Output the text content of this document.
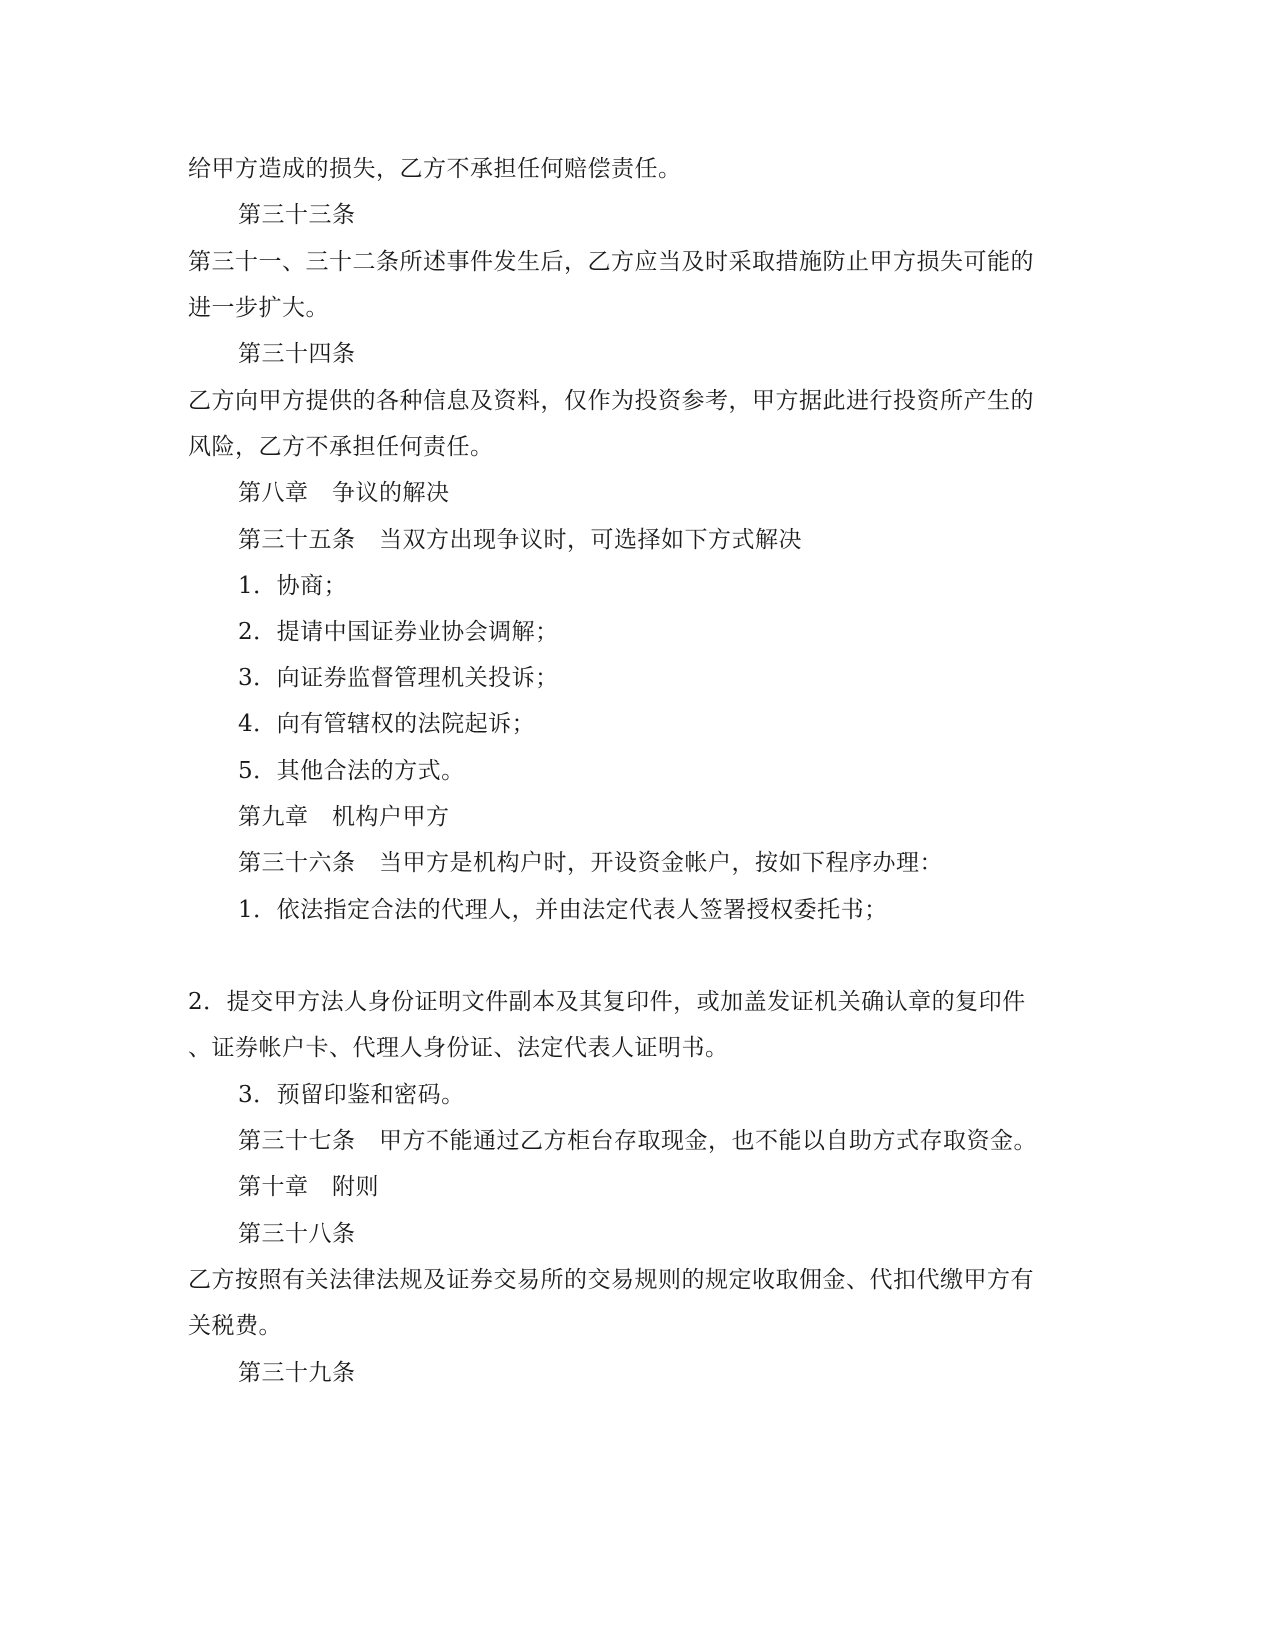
给甲方造成的损失，乙方不承担任何赔偿责任。
第三十三条
第三十一、三十二条所述事件发生后，乙方应当及时采取措施防止甲方损失可能的
进一步扩大。
第三十四条
乙方向甲方提供的各种信息及资料，仅作为投资参考，甲方据此进行投资所产生的
风险，乙方不承担任何责任。
第八章　争议的解决
第三十五条　当双方出现争议时，可选择如下方式解决
1．协商；
2．提请中国证券业协会调解；
3．向证券监督管理机关投诉；
4．向有管辖权的法院起诉；
5．其他合法的方式。
第九章　机构户甲方
第三十六条　当甲方是机构户时，开设资金帐户，按如下程序办理：
1．依法指定合法的代理人，并由法定代表人签署授权委托书；
2．提交甲方法人身份证明文件副本及其复印件，或加盖发证机关确认章的复印件
、证券帐户卡、代理人身份证、法定代表人证明书。
3．预留印鉴和密码。
第三十七条　甲方不能通过乙方柜台存取现金，也不能以自助方式存取资金。
第十章　附则
第三十八条
乙方按照有关法律法规及证券交易所的交易规则的规定收取佣金、代扣代缴甲方有
关税费。
第三十九条
